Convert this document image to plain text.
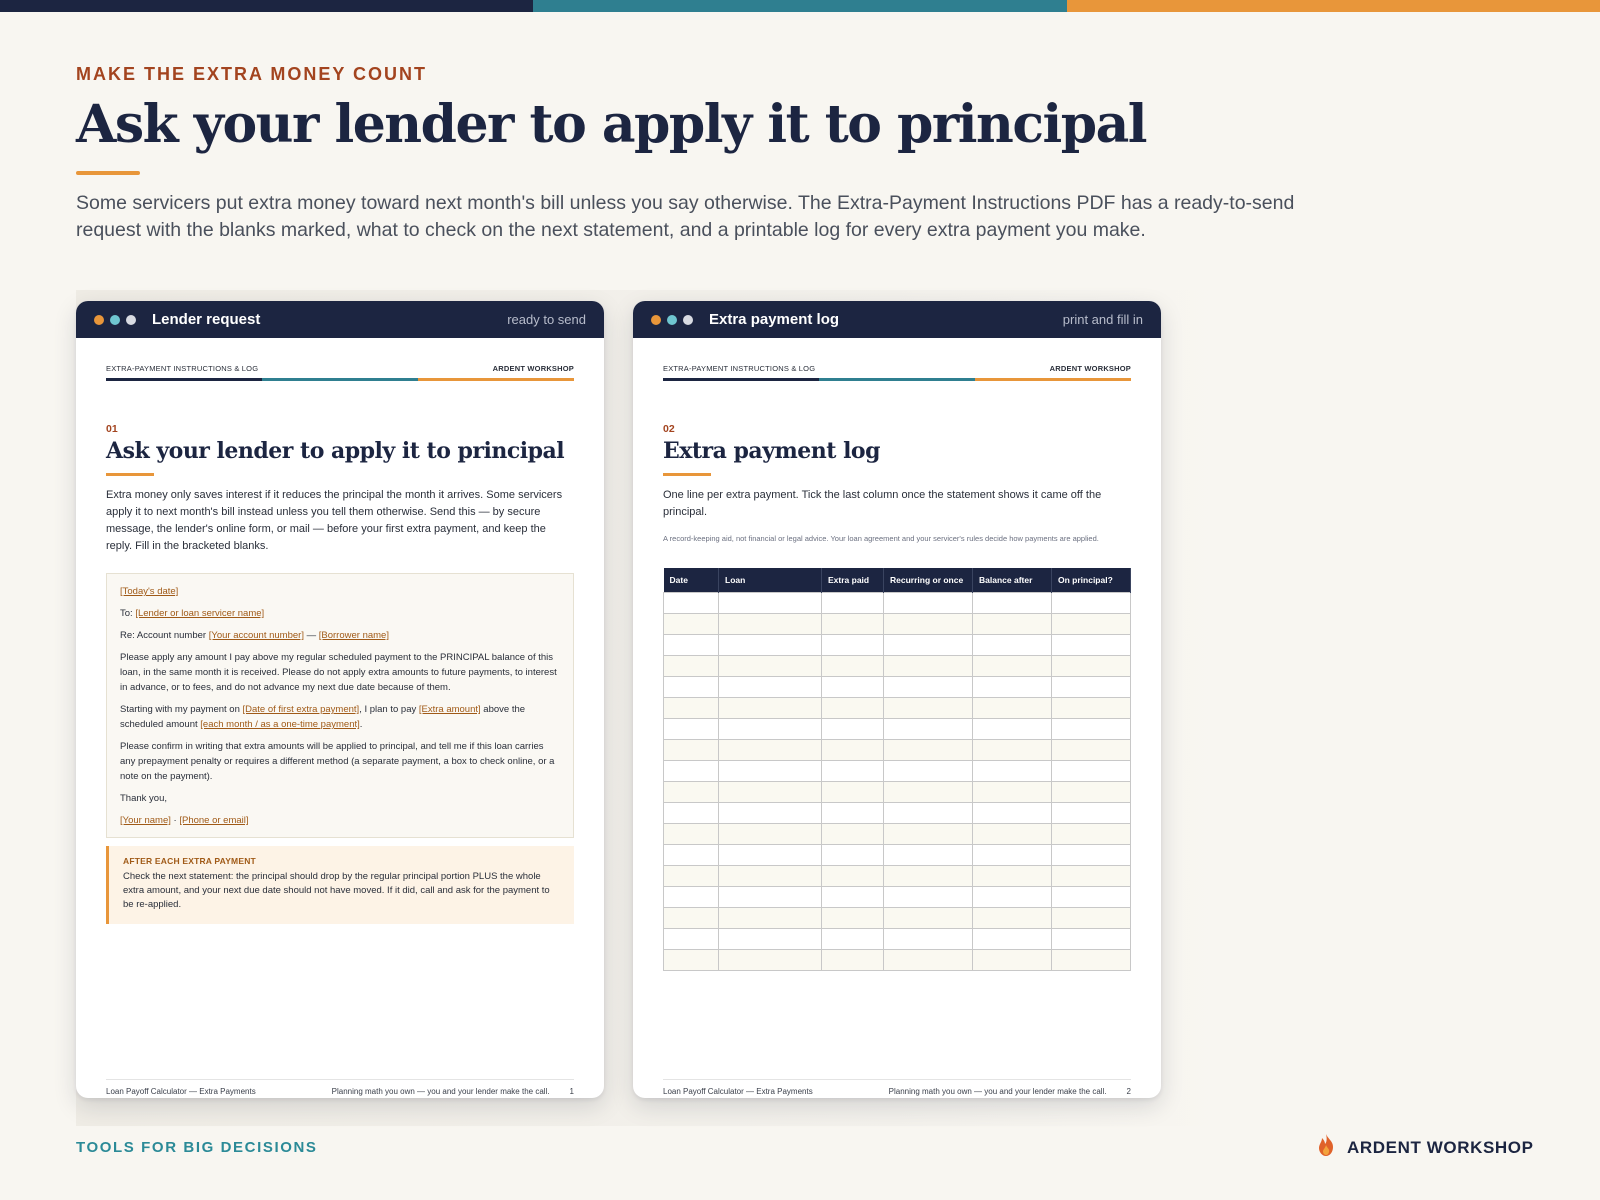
MAKE THE EXTRA MONEY COUNT
Ask your lender to apply it to principal

Some servicers put extra money toward next month's bill unless you say otherwise. The Extra-Payment Instructions PDF has a ready-to-send request with the blanks marked, what to check on the next statement, and a printable log for every extra payment you make.

Lender request	ready to send
EXTRA-PAYMENT INSTRUCTIONS & LOG	ARDENT WORKSHOP
01
Ask your lender to apply it to principal

Extra money only saves interest if it reduces the principal the month it arrives. Some servicers apply it to next month's bill instead unless you tell them otherwise. Send this — by secure message, the lender's online form, or mail — before your first extra payment, and keep the reply. Fill in the bracketed blanks.

[Today's date]

To: [Lender or loan servicer name]

Re: Account number [Your account number] — [Borrower name]

Please apply any amount I pay above my regular scheduled payment to the PRINCIPAL balance of this loan, in the same month it is received. Please do not apply extra amounts to future payments, to interest in advance, or to fees, and do not advance my next due date because of them.

Starting with my payment on [Date of first extra payment], I plan to pay [Extra amount] above the scheduled amount [each month / as a one-time payment].

Please confirm in writing that extra amounts will be applied to principal, and tell me if this loan carries any prepayment penalty or requires a different method (a separate payment, a box to check online, or a note on the payment).

Thank you,

[Your name] · [Phone or email]

AFTER EACH EXTRA PAYMENT
Check the next statement: the principal should drop by the regular principal portion PLUS the whole extra amount, and your next due date should not have moved. If it did, call and ask for the payment to be re-applied.
Loan Payoff Calculator — Extra Payments	Planning math you own — you and your lender make the call.	1
Extra payment log	print and fill in
EXTRA-PAYMENT INSTRUCTIONS & LOG	ARDENT WORKSHOP
02
Extra payment log

One line per extra payment. Tick the last column once the statement shows it came off the principal.

A record-keeping aid, not financial or legal advice. Your loan agreement and your servicer's rules decide how payments are applied.

Date	Loan	Extra paid	Recurring or once	Balance after	On principal?

Loan Payoff Calculator — Extra Payments	Planning math you own — you and your lender make the call.	2
TOOLS FOR BIG DECISIONS	ARDENT WORKSHOP
